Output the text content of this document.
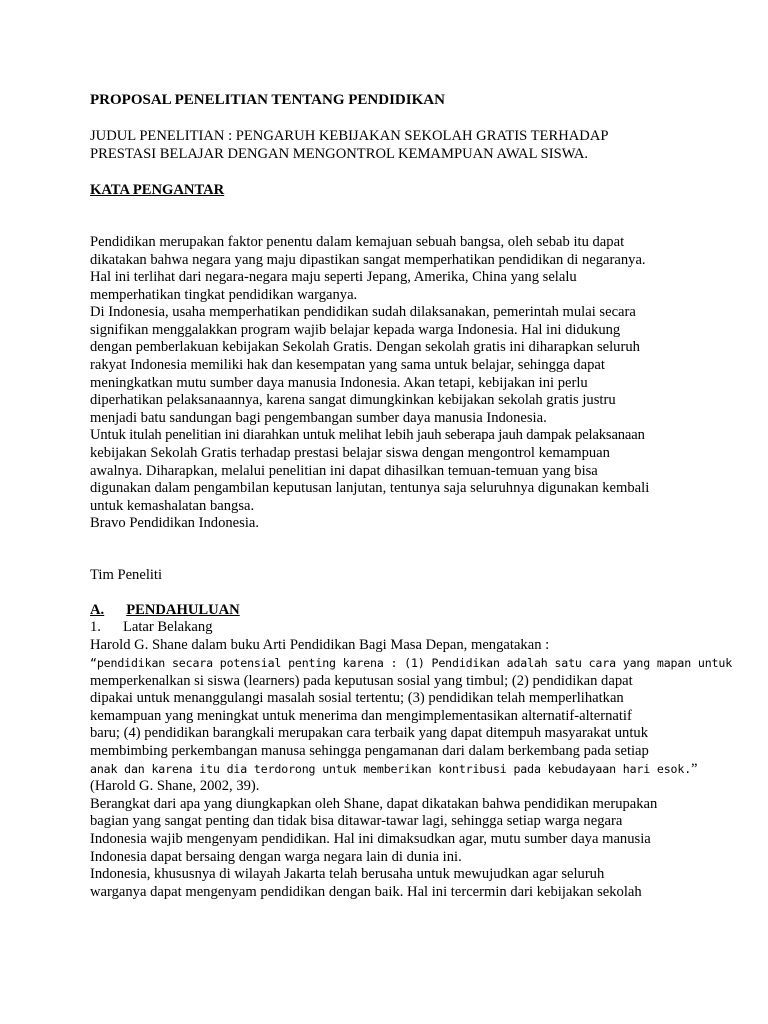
PROPOSAL PENELITIAN TENTANG PENDIDIKAN
JUDUL PENELITIAN : PENGARUH KEBIJAKAN SEKOLAH GRATIS TERHADAP
PRESTASI BELAJAR DENGAN MENGONTROL KEMAMPUAN AWAL SISWA.
KATA PENGANTAR
Pendidikan merupakan faktor penentu dalam kemajuan sebuah bangsa, oleh sebab itu dapat
dikatakan bahwa negara yang maju dipastikan sangat memperhatikan pendidikan di negaranya.
Hal ini terlihat dari negara-negara maju seperti Jepang, Amerika, China yang selalu
memperhatikan tingkat pendidikan warganya.
Di Indonesia, usaha memperhatikan pendidikan sudah dilaksanakan, pemerintah mulai secara
signifikan menggalakkan program wajib belajar kepada warga Indonesia. Hal ini didukung
dengan pemberlakuan kebijakan Sekolah Gratis. Dengan sekolah gratis ini diharapkan seluruh
rakyat Indonesia memiliki hak dan kesempatan yang sama untuk belajar, sehingga dapat
meningkatkan mutu sumber daya manusia Indonesia. Akan tetapi, kebijakan ini perlu
diperhatikan pelaksanaannya, karena sangat dimungkinkan kebijakan sekolah gratis justru
menjadi batu sandungan bagi pengembangan sumber daya manusia Indonesia.
Untuk itulah penelitian ini diarahkan untuk melihat lebih jauh seberapa jauh dampak pelaksanaan
kebijakan Sekolah Gratis terhadap prestasi belajar siswa dengan mengontrol kemampuan
awalnya. Diharapkan, melalui penelitian ini dapat dihasilkan temuan-temuan yang bisa
digunakan dalam pengambilan keputusan lanjutan, tentunya saja seluruhnya digunakan kembali
untuk kemashalatan bangsa.
Bravo Pendidikan Indonesia.
Tim Peneliti
A. PENDAHULUAN
1. Latar Belakang
Harold G. Shane dalam buku Arti Pendidikan Bagi Masa Depan, mengatakan :
“pendidikan secara potensial penting karena : (1) Pendidikan adalah satu cara yang mapan untuk
memperkenalkan si siswa (learners) pada keputusan sosial yang timbul; (2) pendidikan dapat
dipakai untuk menanggulangi masalah sosial tertentu; (3) pendidikan telah memperlihatkan
kemampuan yang meningkat untuk menerima dan mengimplementasikan alternatif-alternatif
baru; (4) pendidikan barangkali merupakan cara terbaik yang dapat ditempuh masyarakat untuk
membimbing perkembangan manusa sehingga pengamanan dari dalam berkembang pada setiap
anak dan karena itu dia terdorong untuk memberikan kontribusi pada kebudayaan hari esok.”
(Harold G. Shane, 2002, 39).
Berangkat dari apa yang diungkapkan oleh Shane, dapat dikatakan bahwa pendidikan merupakan
bagian yang sangat penting dan tidak bisa ditawar-tawar lagi, sehingga setiap warga negara
Indonesia wajib mengenyam pendidikan. Hal ini dimaksudkan agar, mutu sumber daya manusia
Indonesia dapat bersaing dengan warga negara lain di dunia ini.
Indonesia, khususnya di wilayah Jakarta telah berusaha untuk mewujudkan agar seluruh
warganya dapat mengenyam pendidikan dengan baik. Hal ini tercermin dari kebijakan sekolah
